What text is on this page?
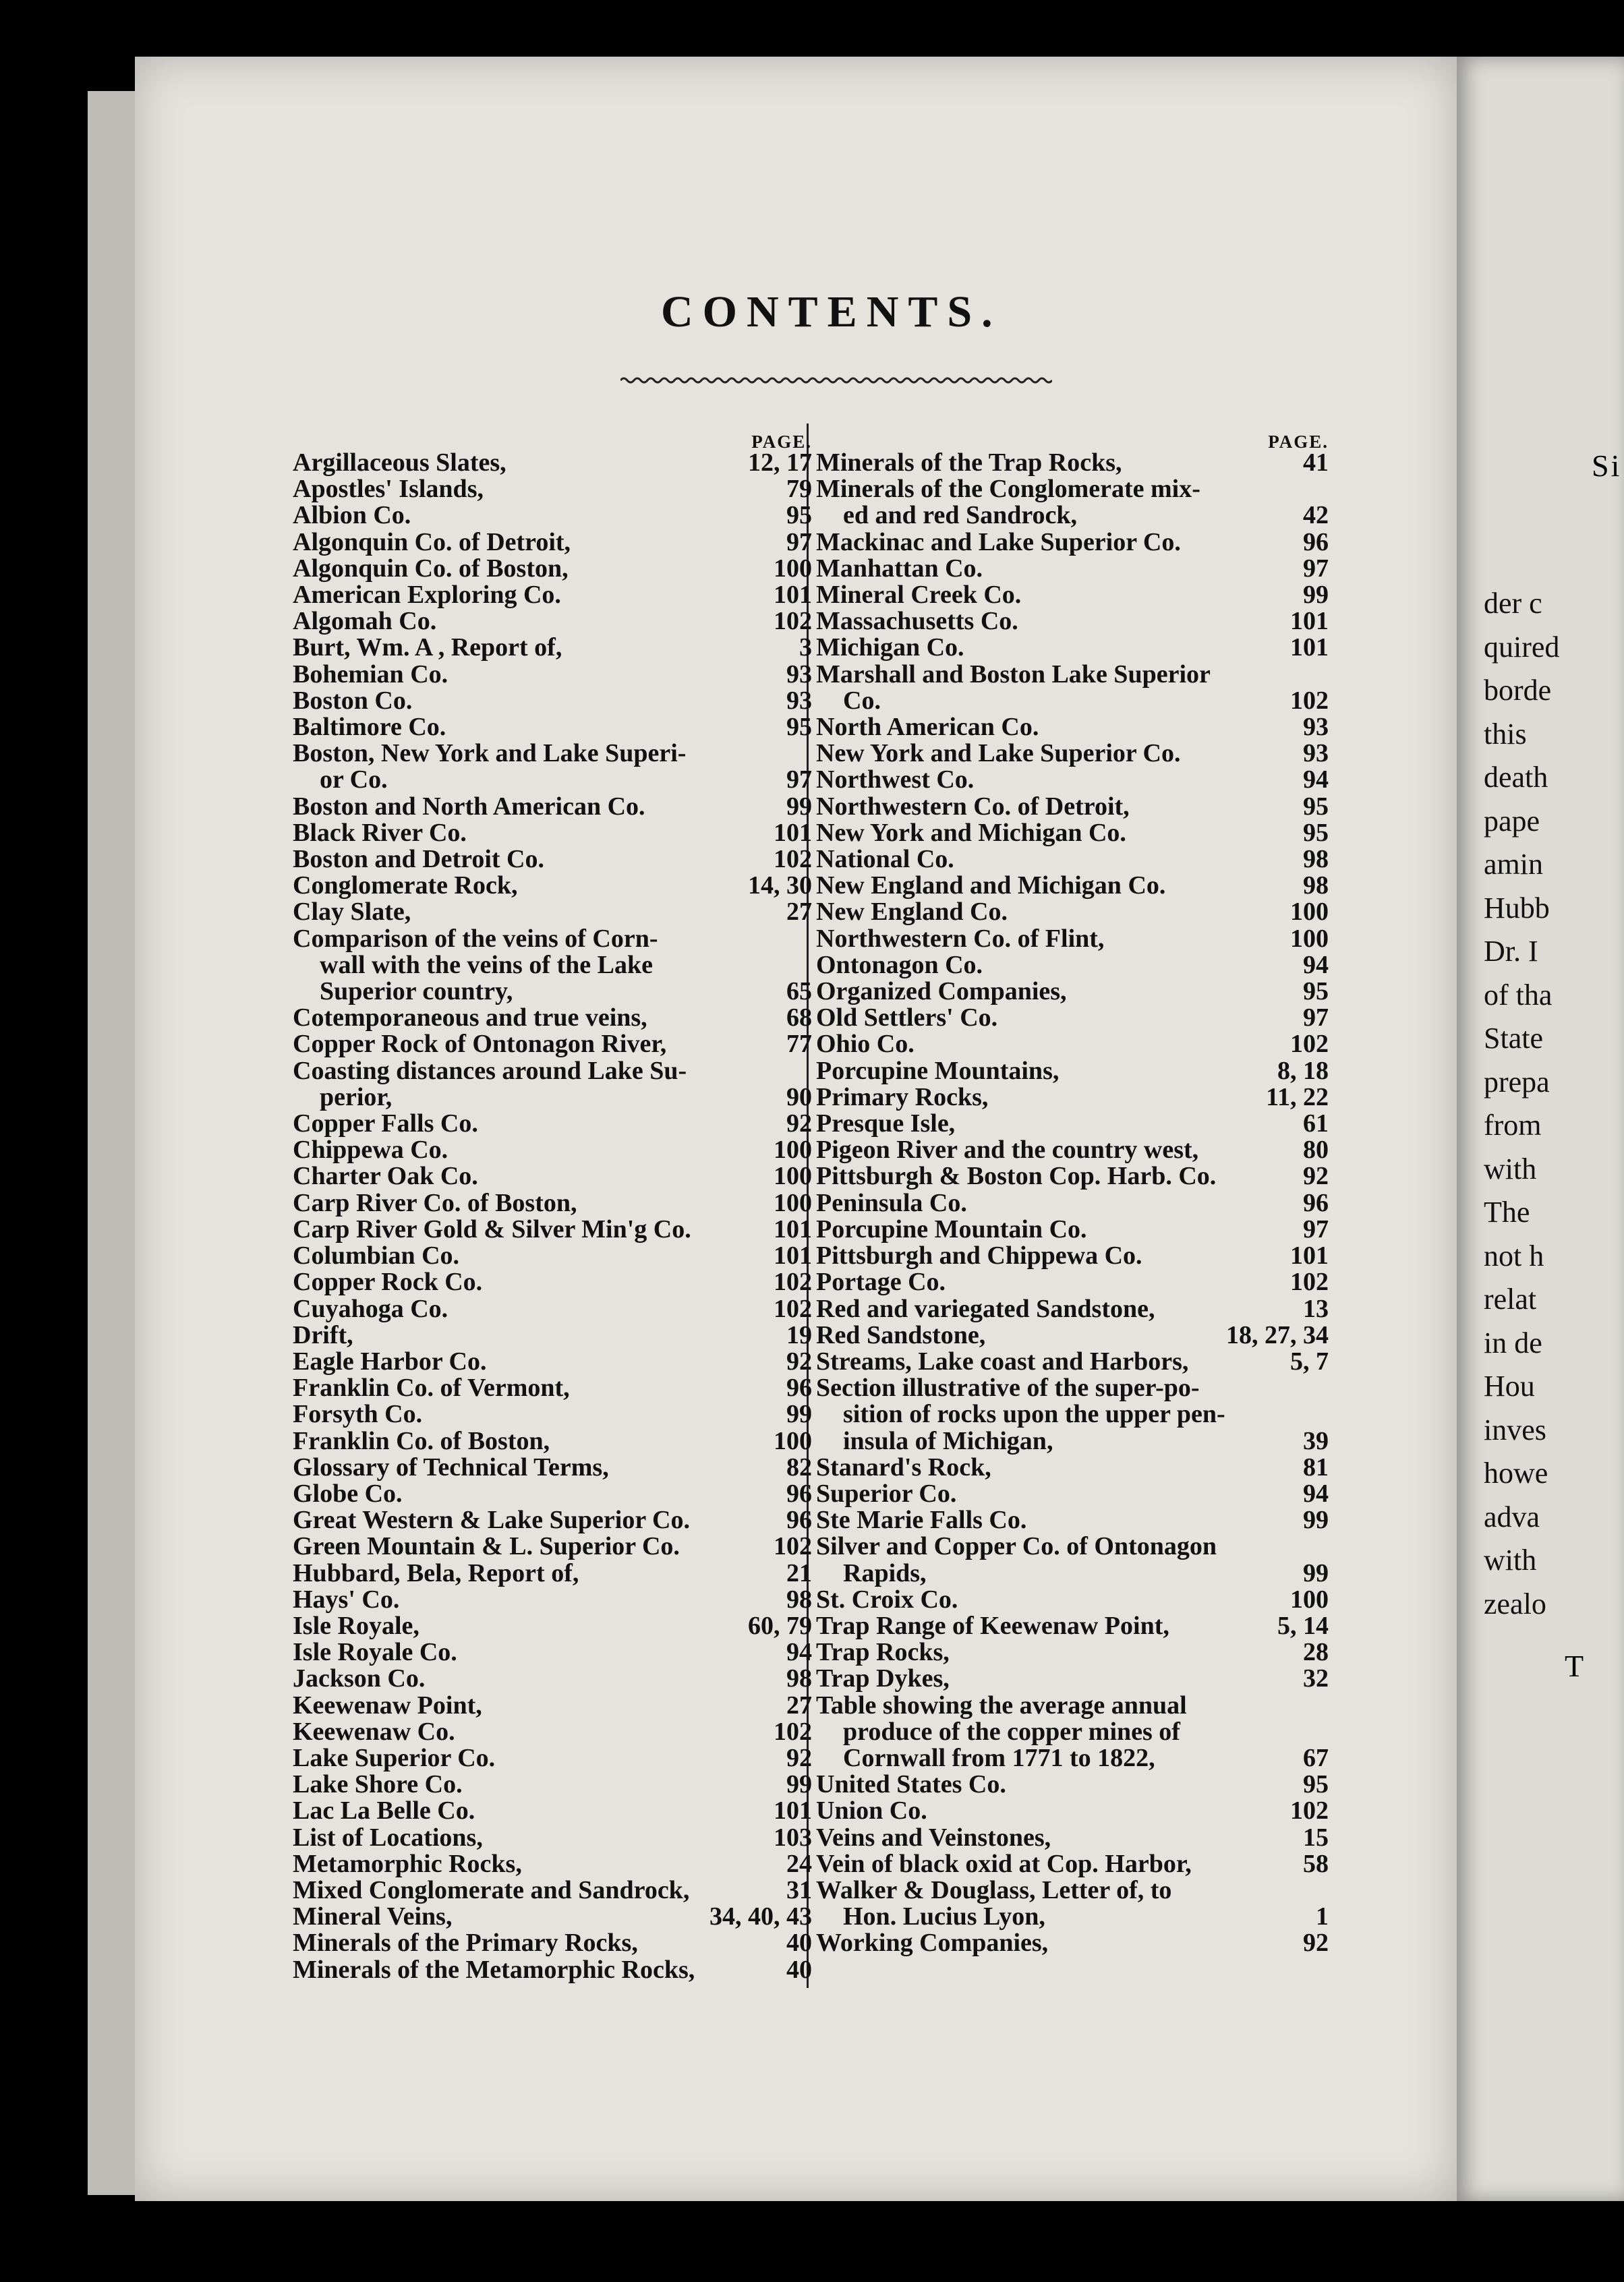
Si
der c
quired
borde
this
death
pape
amin
Hubb
Dr. I
of tha
State
prepa
from
with
The
not h
relat
in de
Hou
inves
howe
adva
with
zealo
T
CONTENTS.
PAGE.
Argillaceous Slates,	12, 17
Apostles' Islands,	79
Albion Co.	95
Algonquin Co. of Detroit,	97
Algonquin Co. of Boston,	100
American Exploring Co.	101
Algomah Co.	102
Burt, Wm. A , Report of,	3
Bohemian Co.	93
Boston Co.	93
Baltimore Co.	95
Boston, New York and Lake Superi-
or Co.	97
Boston and North American Co.	99
Black River Co.	101
Boston and Detroit Co.	102
Conglomerate Rock,	14, 30
Clay Slate,	27
Comparison of the veins of Corn-
wall with the veins of the Lake
Superior country,	65
Cotemporaneous and true veins,	68
Copper Rock of Ontonagon River,	77
Coasting distances around Lake Su-
perior,	90
Copper Falls Co.	92
Chippewa Co.	100
Charter Oak Co.	100
Carp River Co. of Boston,	100
Carp River Gold & Silver Min'g Co.	101
Columbian Co.	101
Copper Rock Co.	102
Cuyahoga Co.	102
Drift,	19
Eagle Harbor Co.	92
Franklin Co. of Vermont,	96
Forsyth Co.	99
Franklin Co. of Boston,	100
Glossary of Technical Terms,	82
Globe Co.	96
Great Western & Lake Superior Co.	96
Green Mountain & L. Superior Co.	102
Hubbard, Bela, Report of,	21
Hays' Co.	98
Isle Royale,	60, 79
Isle Royale Co.	94
Jackson Co.	98
Keewenaw Point,	27
Keewenaw Co.	102
Lake Superior Co.	92
Lake Shore Co.	99
Lac La Belle Co.	101
List of Locations,	103
Metamorphic Rocks,	24
Mixed Conglomerate and Sandrock,	31
Mineral Veins,	34, 40, 43
Minerals of the Primary Rocks,	40
Minerals of the Metamorphic Rocks,	40
PAGE.
Minerals of the Trap Rocks,	41
Minerals of the Conglomerate mix-
ed and red Sandrock,	42
Mackinac and Lake Superior Co.	96
Manhattan Co.	97
Mineral Creek Co.	99
Massachusetts Co.	101
Michigan Co.	101
Marshall and Boston Lake Superior
Co.	102
North American Co.	93
New York and Lake Superior Co.	93
Northwest Co.	94
Northwestern Co. of Detroit,	95
New York and Michigan Co.	95
National Co.	98
New England and Michigan Co.	98
New England Co.	100
Northwestern Co. of Flint,	100
Ontonagon Co.	94
Organized Companies,	95
Old Settlers' Co.	97
Ohio Co.	102
Porcupine Mountains,	8, 18
Primary Rocks,	11, 22
Presque Isle,	61
Pigeon River and the country west,	80
Pittsburgh & Boston Cop. Harb. Co.	92
Peninsula Co.	96
Porcupine Mountain Co.	97
Pittsburgh and Chippewa Co.	101
Portage Co.	102
Red and variegated Sandstone,	13
Red Sandstone,	18, 27, 34
Streams, Lake coast and Harbors,	5, 7
Section illustrative of the super-po-
sition of rocks upon the upper pen-
insula of Michigan,	39
Stanard's Rock,	81
Superior Co.	94
Ste Marie Falls Co.	99
Silver and Copper Co. of Ontonagon
Rapids,	99
St. Croix Co.	100
Trap Range of Keewenaw Point,	5, 14
Trap Rocks,	28
Trap Dykes,	32
Table showing the average annual
produce of the copper mines of
Cornwall from 1771 to 1822,	67
United States Co.	95
Union Co.	102
Veins and Veinstones,	15
Vein of black oxid at Cop. Harbor,	58
Walker & Douglass, Letter of, to
Hon. Lucius Lyon,	1
Working Companies,	92
